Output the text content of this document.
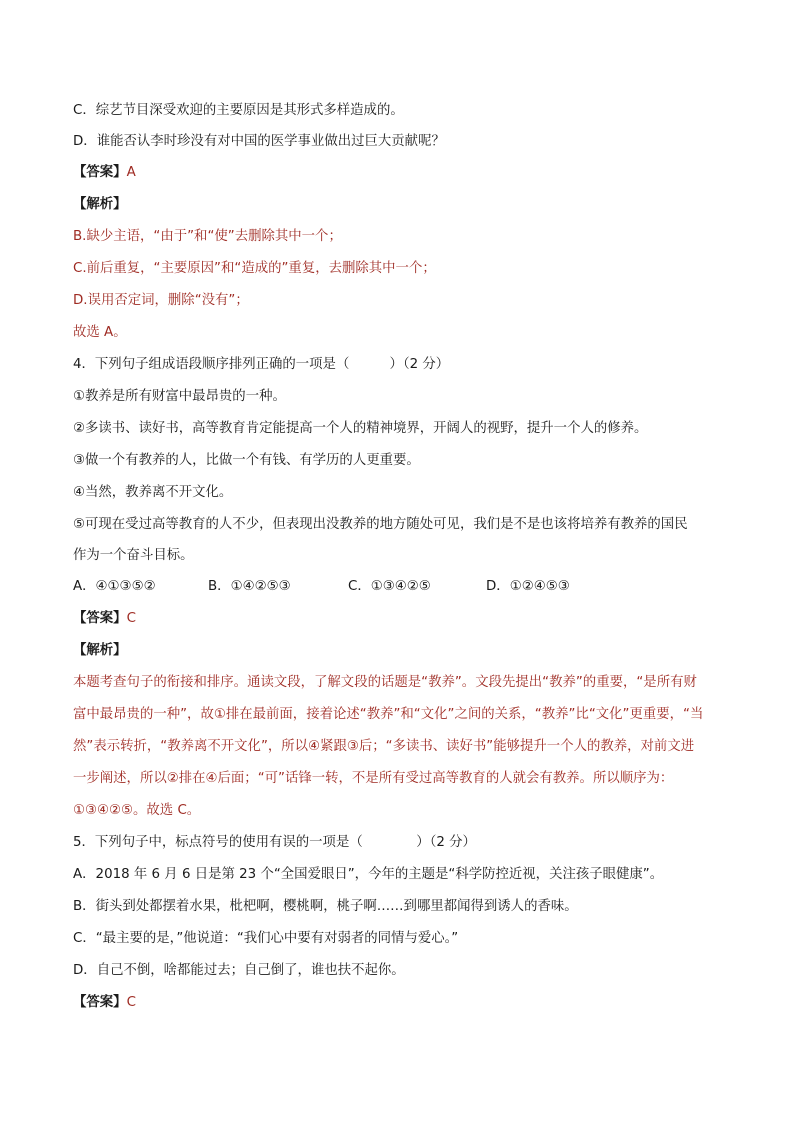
C．综艺节目深受欢迎的主要原因是其形式多样造成的。
D．谁能否认李时珍没有对中国的医学事业做出过巨大贡献呢？
【答案】A
【解析】
B.缺少主语，“由于”和“使”去删除其中一个；
C.前后重复，“主要原因”和“造成的”重复，去删除其中一个；
D.误用否定词，删除“没有”；
故选 A。
4．下列句子组成语段顺序排列正确的一项是（　　　）（2 分）
①教养是所有财富中最昂贵的一种。
②多读书、读好书，高等教育肯定能提高一个人的精神境界，开阔人的视野，提升一个人的修养。
③做一个有教养的人，比做一个有钱、有学历的人更重要。
④当然，教养离不开文化。
⑤可现在受过高等教育的人不少，但表现出没教养的地方随处可见，我们是不是也该将培养有教养的国民
作为一个奋斗目标。
A．④①③⑤②	B．①④②⑤③	C．①③④②⑤	D．①②④⑤③
【答案】C
【解析】
本题考查句子的衔接和排序。通读文段，了解文段的话题是“教养”。文段先提出“教养”的重要，“是所有财
富中最昂贵的一种”，故①排在最前面，接着论述“教养”和“文化”之间的关系，“教养”比“文化”更重要，“当
然”表示转折，“教养离不开文化”，所以④紧跟③后；“多读书、读好书”能够提升一个人的教养，对前文进
一步阐述，所以②排在④后面；“可”话锋一转，不是所有受过高等教育的人就会有教养。所以顺序为：
①③④②⑤。故选 C。
5．下列句子中，标点符号的使用有误的一项是（　　　　）（2 分）
A．2018 年 6 月 6 日是第 23 个“全国爱眼日”，今年的主题是“科学防控近视，关注孩子眼健康”。
B．街头到处都摆着水果，枇杷啊，樱桃啊，桃子啊……到哪里都闻得到诱人的香味。
C．“最主要的是，”他说道：“我们心中要有对弱者的同情与爱心。”
D．自己不倒，啥都能过去；自己倒了，谁也扶不起你。
【答案】C
